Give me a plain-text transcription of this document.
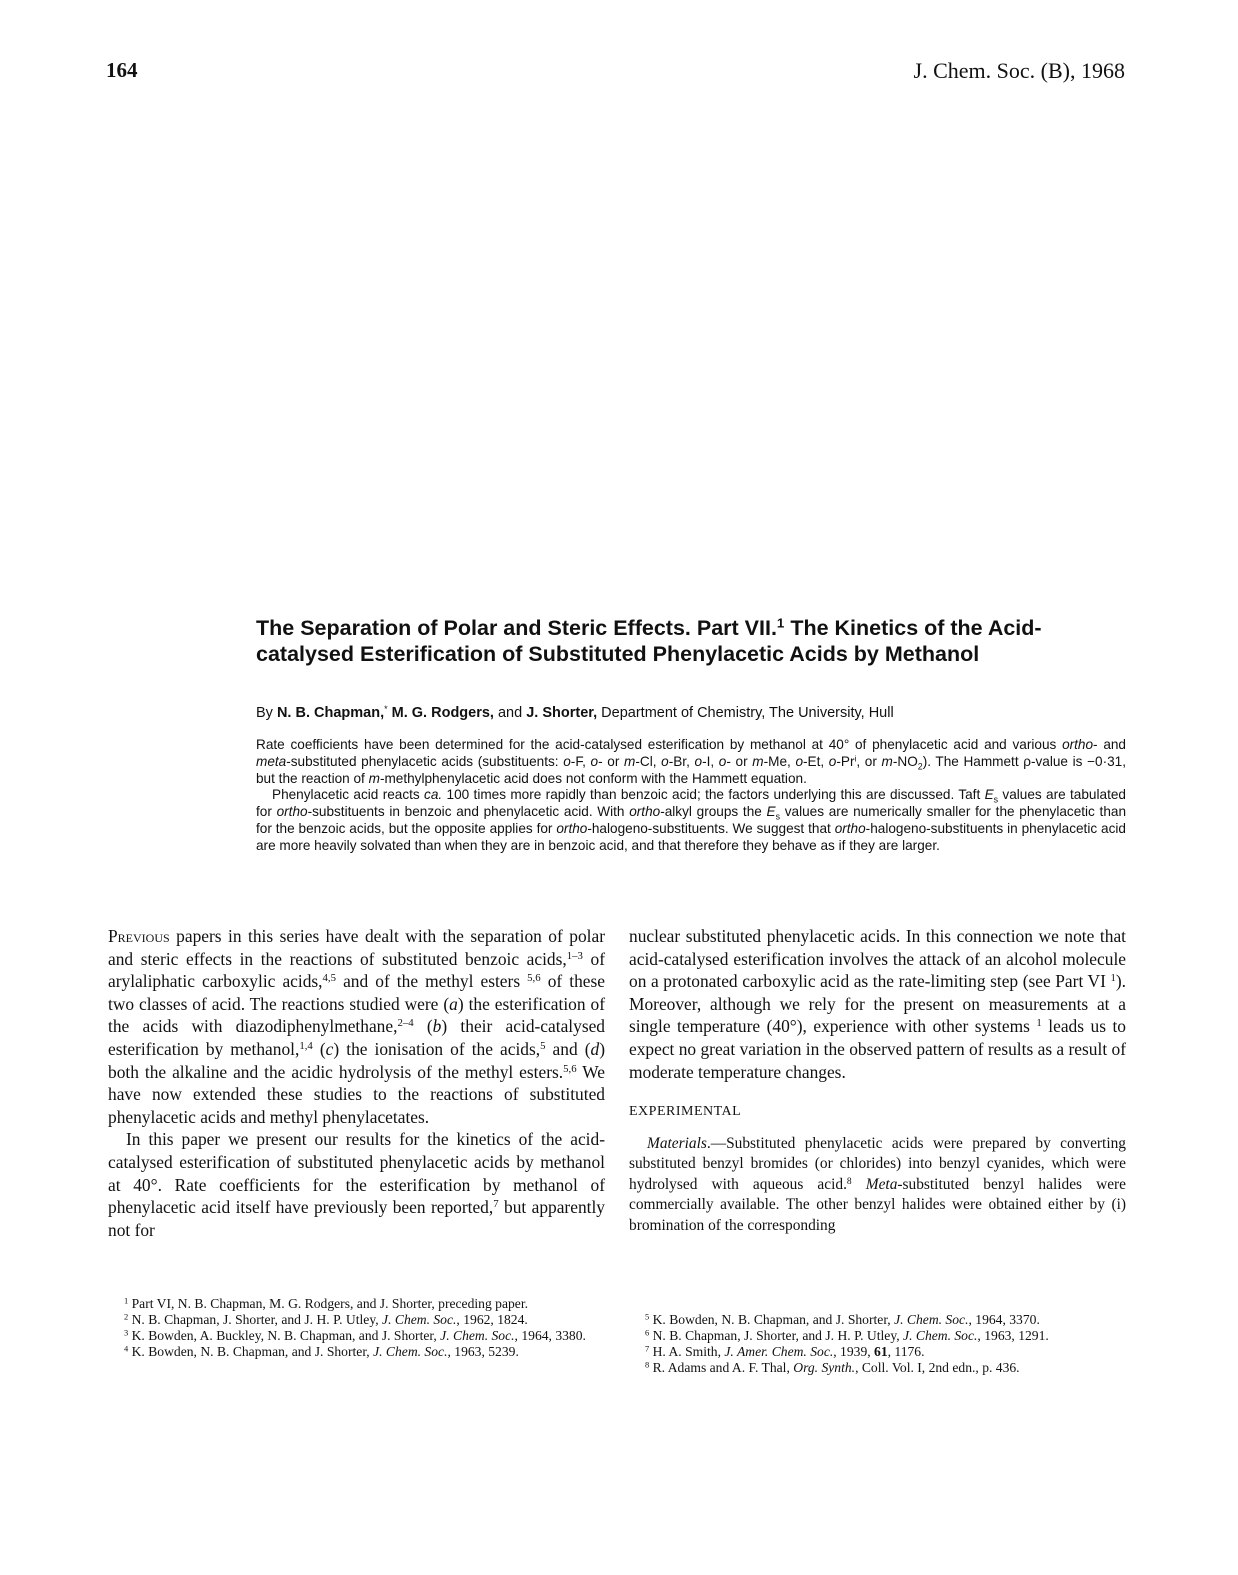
164	J. Chem. Soc. (B), 1968
The Separation of Polar and Steric Effects. Part VII.$^1$ The Kinetics of the Acid-catalysed Esterification of Substituted Phenylacetic Acids by Methanol
By N. B. Chapman,* M. G. Rodgers, and J. Shorter, Department of Chemistry, The University, Hull

Rate coefficients have been determined for the acid-catalysed esterification by methanol at 40° of phenylacetic acid and various ortho- and meta-substituted phenylacetic acids (substituents: o-F, o- or m-Cl, o-Br, o-I, o- or m-Me, o-Et, o-Pr$^i$, or $m-NO_2$). The Hammett ρ-value is −0·31, but the reaction of m-methylphenylacetic acid does not conform with the Hammett equation.

Phenylacetic acid reacts ca. 100 times more rapidly than benzoic acid; the factors underlying this are discussed. Taft $E_s$ values are tabulated for ortho-substituents in benzoic and phenylacetic acid. With ortho-alkyl groups the $E_s$ values are numerically smaller for the phenylacetic than for the benzoic acids, but the opposite applies for ortho-halogeno-substituents. We suggest that ortho-halogeno-substituents in phenylacetic acid are more heavily solvated than when they are in benzoic acid, and that therefore they behave as if they are larger.

Previous papers in this series have dealt with the separation of polar and steric effects in the reactions of substituted benzoic acids,$^{1-3}$ of arylaliphatic carboxylic acids,$^{4,5}$ and of the methyl esters $^{5,6}$ of these two classes of acid. The reactions studied were (a) the esterification of the acids with diazodiphenylmethane,$^{2-4}$ (b) their acid-catalysed esterification by methanol,$^{1,4}$ (c) the ionisation of the acids,$^5$ and (d) both the alkaline and the acidic hydrolysis of the methyl esters.$^{5,6}$ We have now extended these studies to the reactions of substituted phenylacetic acids and methyl phenylacetates.

In this paper we present our results for the kinetics of the acid-catalysed esterification of substituted phenylacetic acids by methanol at 40°. Rate coefficients for the esterification by methanol of phenylacetic acid itself have previously been reported,$^7$ but apparently not for

nuclear substituted phenylacetic acids. In this connection we note that acid-catalysed esterification involves the attack of an alcohol molecule on a protonated carboxylic acid as the rate-limiting step (see Part VI $^1$). Moreover, although we rely for the present on measurements at a single temperature (40°), experience with other systems $^1$ leads us to expect no great variation in the observed pattern of results as a result of moderate temperature changes.

EXPERIMENTAL

Materials.—Substituted phenylacetic acids were prepared by converting substituted benzyl bromides (or chlorides) into benzyl cyanides, which were hydrolysed with aqueous acid.$^8$ Meta-substituted benzyl halides were commercially available. The other benzyl halides were obtained either by (i) bromination of the corresponding

$^1$ Part VI, N. B. Chapman, M. G. Rodgers, and J. Shorter, preceding paper.

$^2$ N. B. Chapman, J. Shorter, and J. H. P. Utley, J. Chem. Soc., 1962, 1824.

$^3$ K. Bowden, A. Buckley, N. B. Chapman, and J. Shorter, J. Chem. Soc., 1964, 3380.

$^4$ K. Bowden, N. B. Chapman, and J. Shorter, J. Chem. Soc., 1963, 5239.

$^5$ K. Bowden, N. B. Chapman, and J. Shorter, J. Chem. Soc., 1964, 3370.

$^6$ N. B. Chapman, J. Shorter, and J. H. P. Utley, J. Chem. Soc., 1963, 1291.

$^7$ H. A. Smith, J. Amer. Chem. Soc., 1939, 61, 1176.

$^8$ R. Adams and A. F. Thal, Org. Synth., Coll. Vol. I, 2nd edn., p. 436.
